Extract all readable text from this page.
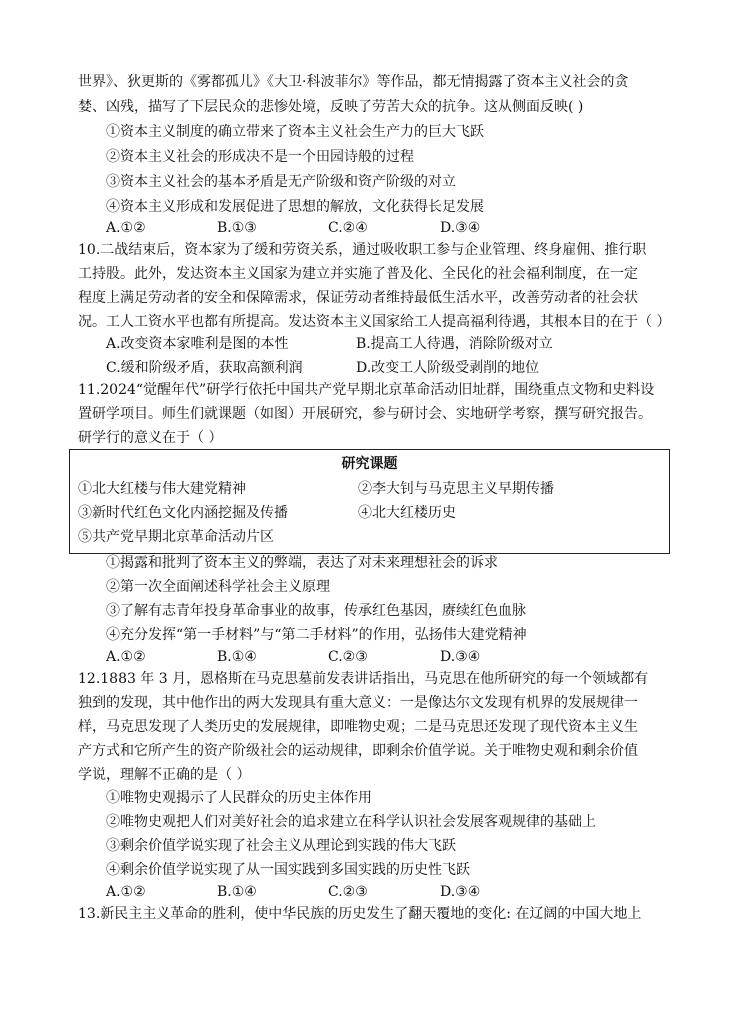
世界》、狄更斯的《雾都孤儿》《大卫·科波菲尔》等作品，都无情揭露了资本主义社会的贪
婪、凶残，描写了下层民众的悲惨处境，反映了劳苦大众的抗争。这从侧面反映( )
①资本主义制度的确立带来了资本主义社会生产力的巨大飞跃
②资本主义社会的形成决不是一个田园诗般的过程
③资本主义社会的基本矛盾是无产阶级和资产阶级的对立
④资本主义形成和发展促进了思想的解放，文化获得长足发展
A.①②	B.①③	C.②④	D.③④
10.二战结束后，资本家为了缓和劳资关系，通过吸收职工参与企业管理、终身雇佣、推行职
工持股。此外，发达资本主义国家为建立并实施了普及化、全民化的社会福利制度，在一定
程度上满足劳动者的安全和保障需求，保证劳动者维持最低生活水平，改善劳动者的社会状
况。工人工资水平也都有所提高。发达资本主义国家给工人提高福利待遇，其根本目的在于（ ）
A.改变资本家唯利是图的本性	B.提高工人待遇，消除阶级对立
C.缓和阶级矛盾，获取高额利润	D.改变工人阶级受剥削的地位
11.2024“觉醒年代”研学行依托中国共产党早期北京革命活动旧址群，围绕重点文物和史料设
置研学项目。师生们就课题（如图）开展研究，参与研讨会、实地研学考察，撰写研究报告。
研学行的意义在于（ ）
研究课题
①北大红楼与伟大建党精神	②李大钊与马克思主义早期传播
③新时代红色文化内涵挖掘及传播	④北大红楼历史
⑤共产党早期北京革命活动片区
①揭露和批判了资本主义的弊端，表达了对未来理想社会的诉求
②第一次全面阐述科学社会主义原理
③了解有志青年投身革命事业的故事，传承红色基因，赓续红色血脉
④充分发挥“第一手材料”与“第二手材料”的作用，弘扬伟大建党精神
A.①②	B.①④	C.②③	D.③④
12.1883 年 3 月，恩格斯在马克思墓前发表讲话指出，马克思在他所研究的每一个领域都有
独到的发现，其中他作出的两大发现具有重大意义：一是像达尔文发现有机界的发展规律一
样，马克思发现了人类历史的发展规律，即唯物史观；二是马克思还发现了现代资本主义生
产方式和它所产生的资产阶级社会的运动规律，即剩余价值学说。关于唯物史观和剩余价值
学说，理解不正确的是（ ）
①唯物史观揭示了人民群众的历史主体作用
②唯物史观把人们对美好社会的追求建立在科学认识社会发展客观规律的基础上
③剩余价值学说实现了社会主义从理论到实践的伟大飞跃
④剩余价值学说实现了从一国实践到多国实践的历史性飞跃
A.①②	B.①④	C.②③	D.③④
13.新民主主义革命的胜利，使中华民族的历史发生了翻天覆地的变化: 在辽阔的中国大地上
